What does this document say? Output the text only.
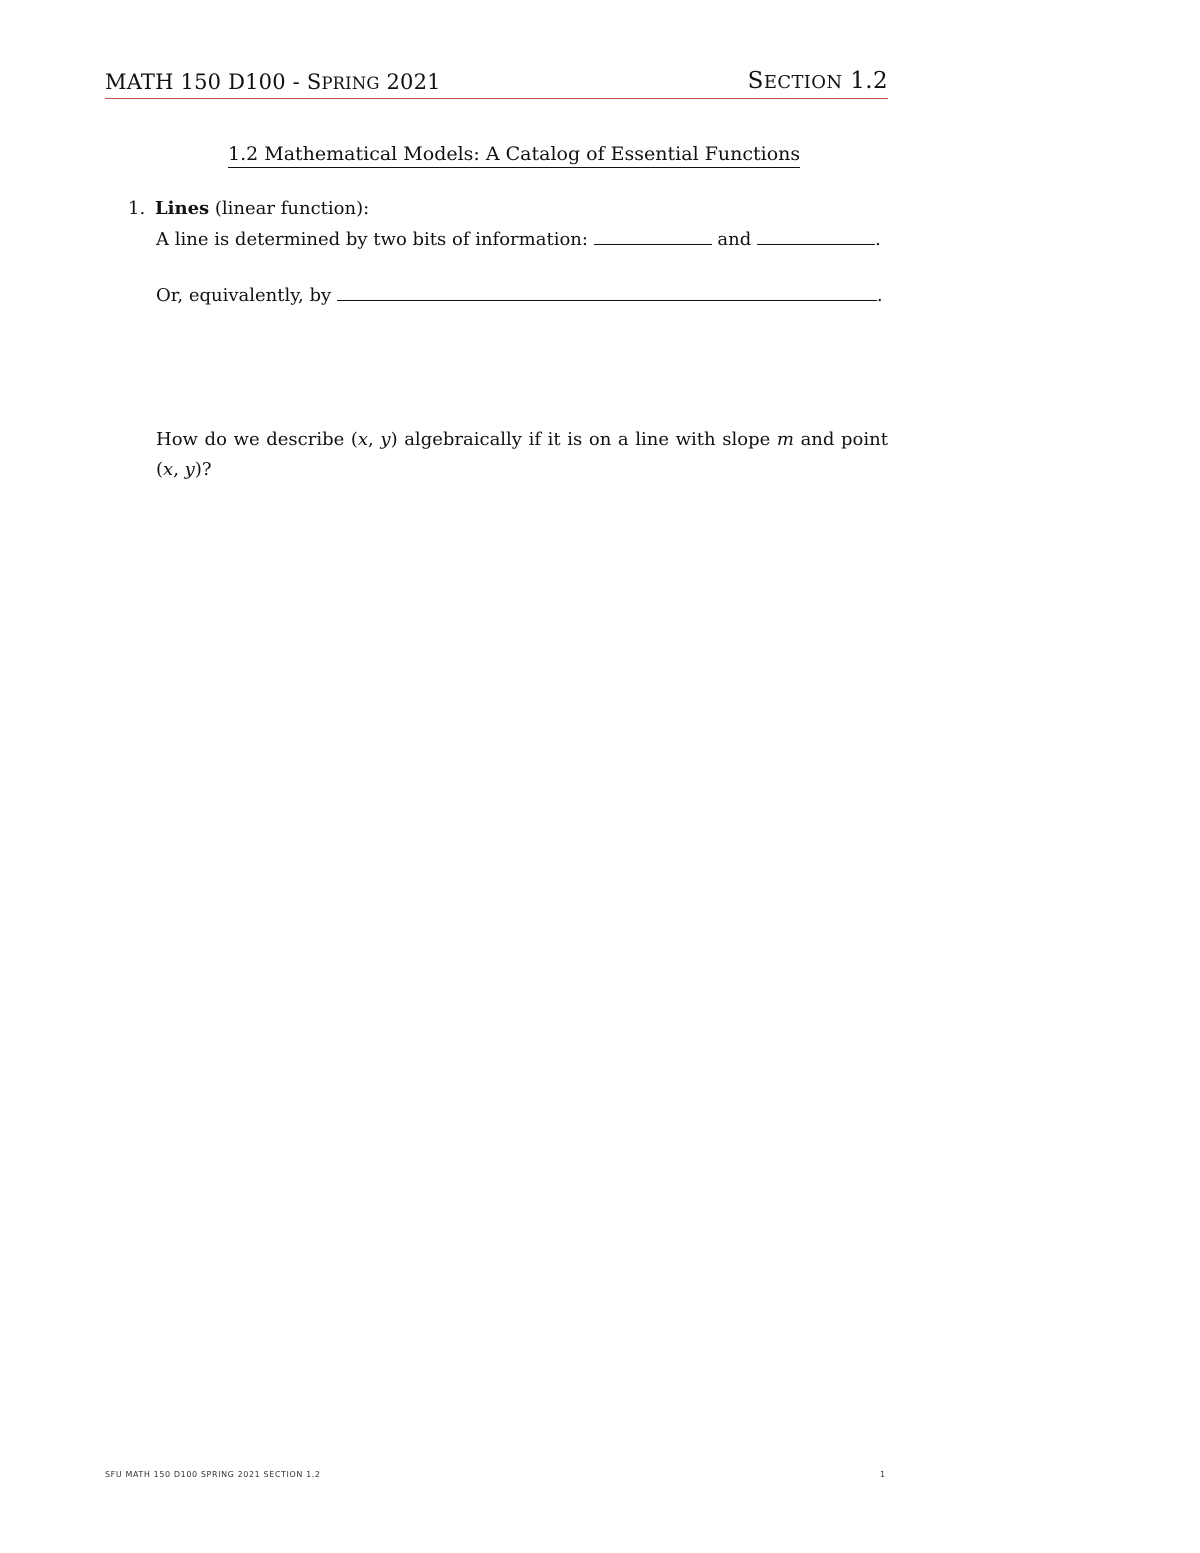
MATH 150 D100 - SPRING 2021	SECTION 1.2
1.2 Mathematical Models: A Catalog of Essential Functions
1. Lines (linear function):
A line is determined by two bits of information:	and	.
Or, equivalently, by	.
How do we describe (x, y) algebraically if it is on a line with slope m and point (x, y)?
SFU MATH 150 D100 SPRING 2021 SECTION 1.2	1
